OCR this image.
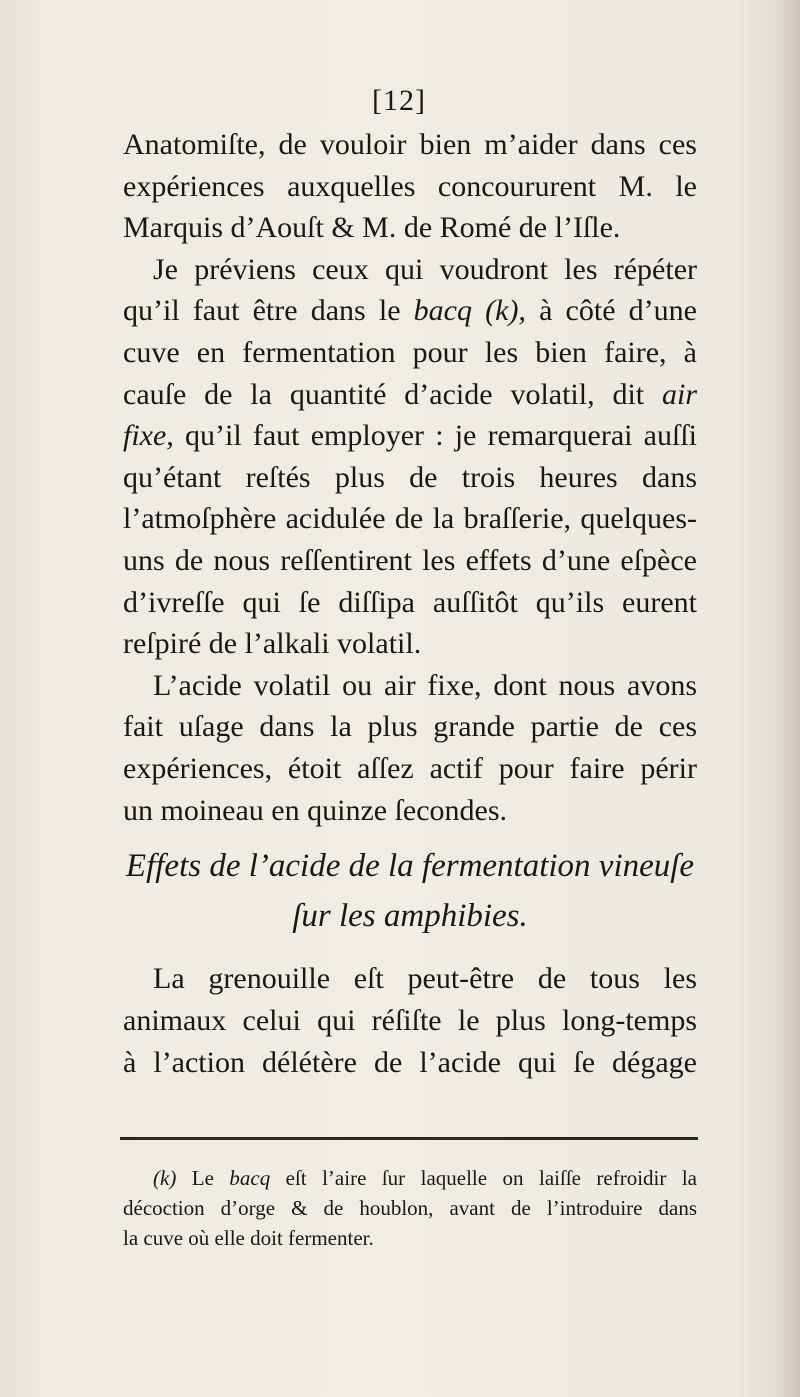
[12]

Anatomiſte, de vouloir bien m’aider dans ces
expériences auxquelles concoururent M. le
Marquis d’Aouſt & M. de Romé de l’Iſle.

Je préviens ceux qui voudront les répéter
qu’il faut être dans le bacq (k), à côté d’une
cuve en fermentation pour les bien faire, à
cauſe de la quantité d’acide volatil, dit air
fixe, qu’il faut employer : je remarquerai auſſi
qu’étant reſtés plus de trois heures dans
l’atmoſphère acidulée de la braſſerie, quelques-
uns de nous reſſentirent les effets d’une eſpèce
d’ivreſſe qui ſe diſſipa auſſitôt qu’ils eurent
reſpiré de l’alkali volatil.

L’acide volatil ou air fixe, dont nous avons
fait uſage dans la plus grande partie de ces
expériences, étoit aſſez actif pour faire périr
un moineau en quinze ſecondes.

Effets de l’acide de la fermentation vineuſe
ſur les amphibies.
La grenouille eſt peut-être de tous les
animaux celui qui réſiſte le plus long-temps
à l’action délétère de l’acide qui ſe dégage
(k) Le bacq eſt l’aire ſur laquelle on laiſſe refroidir la
décoction d’orge & de houblon, avant de l’introduire dans
la cuve où elle doit fermenter.
